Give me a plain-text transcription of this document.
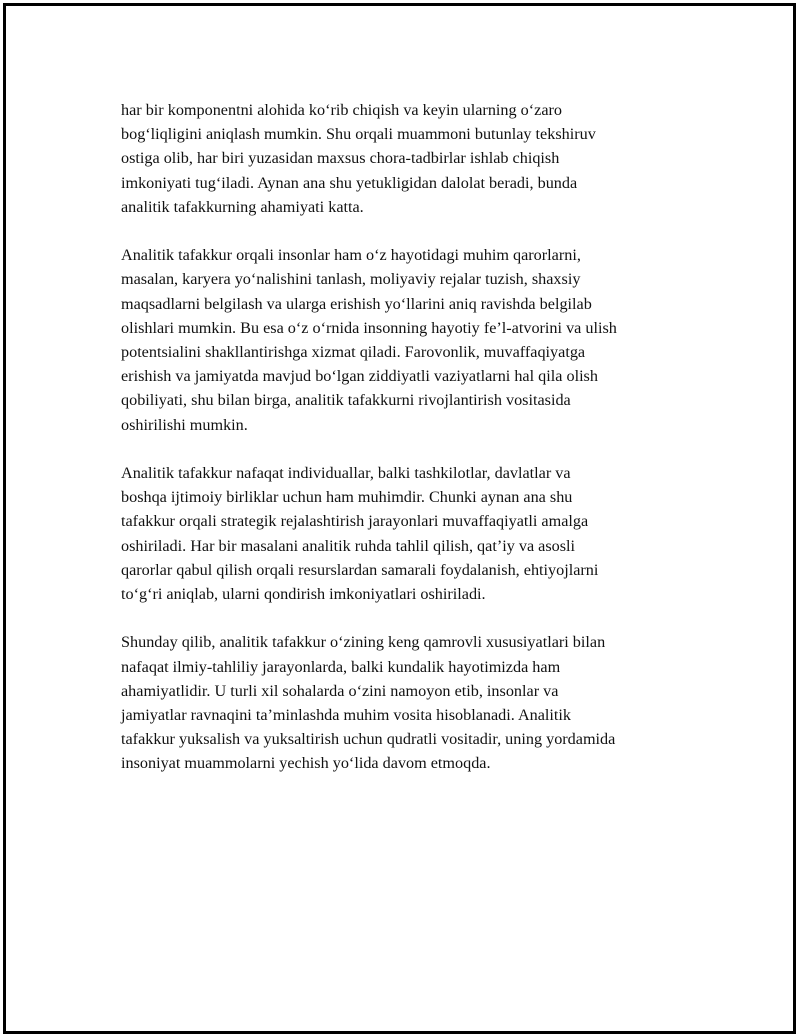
har bir komponentni alohida koʻrib chiqish va keyin ularning oʻzaro
bogʻliqligini aniqlash mumkin. Shu orqali muammoni butunlay tekshiruv
ostiga olib, har biri yuzasidan maxsus chora-tadbirlar ishlab chiqish
imkoniyati tugʻiladi. Aynan ana shu yetukligidan dalolat beradi, bunda
analitik tafakkurning ahamiyati katta.

Analitik tafakkur orqali insonlar ham oʻz hayotidagi muhim qarorlarni,
masalan, karyera yoʻnalishini tanlash, moliyaviy rejalar tuzish, shaxsiy
maqsadlarni belgilash va ularga erishish yoʻllarini aniq ravishda belgilab
olishlari mumkin. Bu esa oʻz oʻrnida insonning hayotiy fe’l-atvorini va ulish
potentsialini shakllantirishga xizmat qiladi. Farovonlik, muvaffaqiyatga
erishish va jamiyatda mavjud boʻlgan ziddiyatli vaziyatlarni hal qila olish
qobiliyati, shu bilan birga, analitik tafakkurni rivojlantirish vositasida
oshirilishi mumkin.

Analitik tafakkur nafaqat individuallar, balki tashkilotlar, davlatlar va
boshqa ijtimoiy birliklar uchun ham muhimdir. Chunki aynan ana shu
tafakkur orqali strategik rejalashtirish jarayonlari muvaffaqiyatli amalga
oshiriladi. Har bir masalani analitik ruhda tahlil qilish, qat’iy va asosli
qarorlar qabul qilish orqali resurslardan samarali foydalanish, ehtiyojlarni
toʻgʻri aniqlab, ularni qondirish imkoniyatlari oshiriladi.

Shunday qilib, analitik tafakkur oʻzining keng qamrovli xususiyatlari bilan
nafaqat ilmiy-tahliliy jarayonlarda, balki kundalik hayotimizda ham
ahamiyatlidir. U turli xil sohalarda oʻzini namoyon etib, insonlar va
jamiyatlar ravnaqini ta’minlashda muhim vosita hisoblanadi. Analitik
tafakkur yuksalish va yuksaltirish uchun qudratli vositadir, uning yordamida
insoniyat muammolarni yechish yoʻlida davom etmoqda.
